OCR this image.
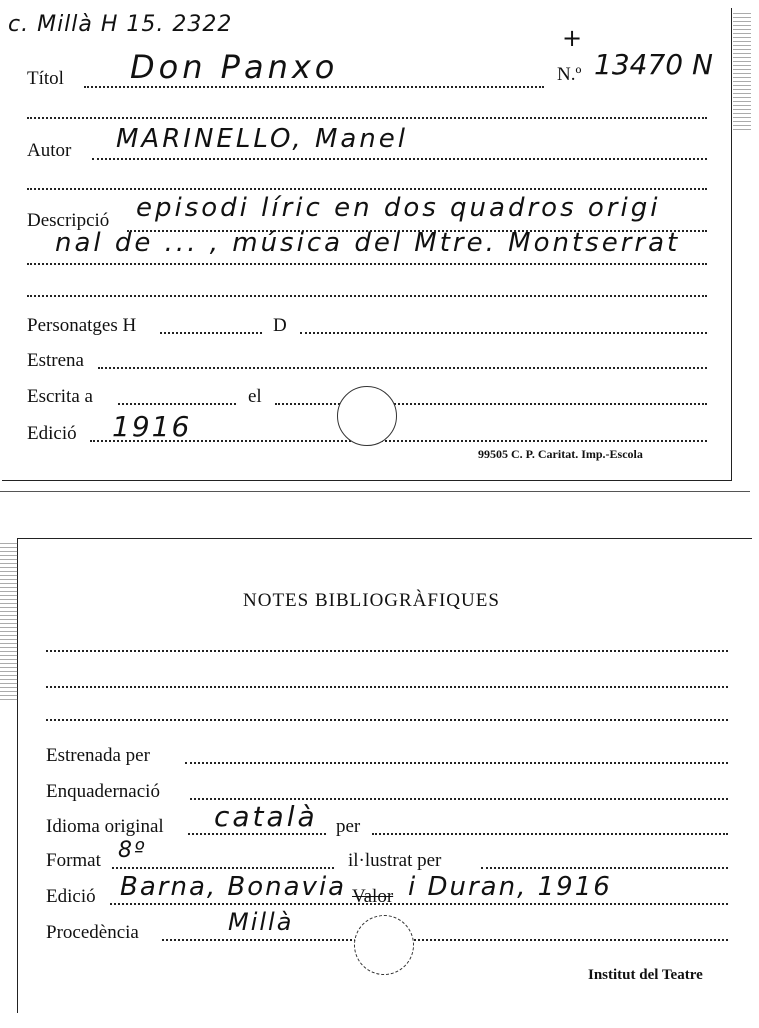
c. Millà H 15. 2322	+
Títol Don Panxo	N.º 13470 N
Autor MARINELLO, Manel
Descripció episodi líric en dos quadros origi
nal de ... , música del Mtre. Montserrat
Personatges H	D
Estrena
Escrita a	el
Edició 1916
99505 C. P. Caritat. Imp.-Escola
NOTES BIBLIOGRÀFIQUES
Estrenada per
Enquadernació
Idioma original català per
Format 8º	il·lustrat per
Edició Barna, Bonavia Valor i Duran, 1916
Procedència	Millà
Institut del Teatre
